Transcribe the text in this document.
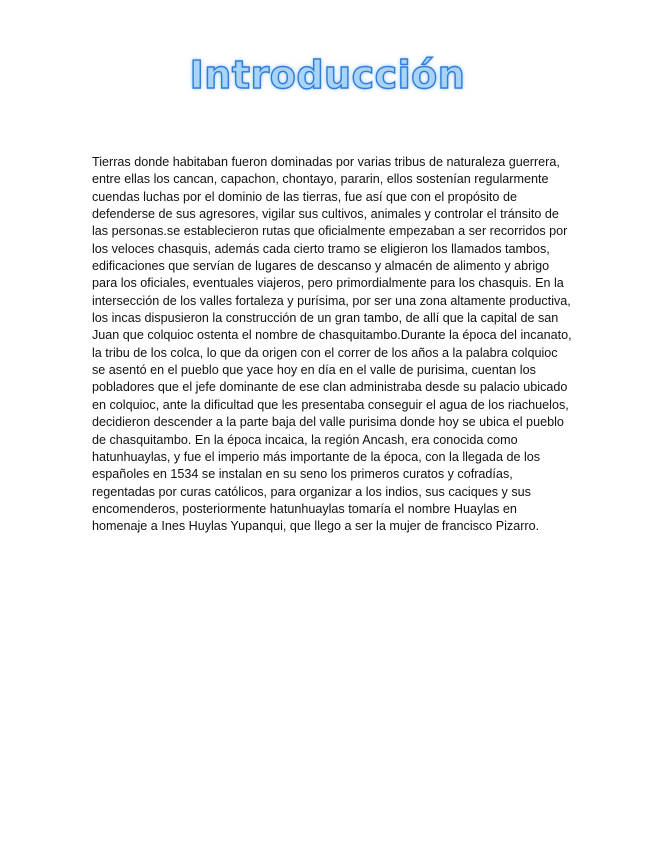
Introducción

Tierras donde habitaban fueron dominadas por varias tribus de naturaleza guerrera, entre ellas los cancan, capachon, chontayo, pararin, ellos sostenían regularmente cuendas luchas por el dominio de las tierras, fue así que con el propósito de defenderse de sus agresores, vigilar sus cultivos, animales y controlar el tránsito de las personas.se establecieron rutas que oficialmente empezaban a ser recorridos por los veloces chasquis, además cada cierto tramo se eligieron los llamados tambos, edificaciones que servían de lugares de descanso y almacén de alimento y abrigo para los oficiales, eventuales viajeros, pero primordialmente para los chasquis. En la intersección de los valles fortaleza y purísima, por ser una zona altamente productiva, los incas dispusieron la construcción de un gran tambo, de allí que la capital de san Juan que colquioc ostenta el nombre de chasquitambo.Durante la época del incanato, la tribu de los colca, lo que da origen con el correr de los años a la palabra colquioc se asentó en el pueblo que yace hoy en día en el valle de purisima, cuentan los pobladores que el jefe dominante de ese clan administraba desde su palacio ubicado en colquioc, ante la dificultad que les presentaba conseguir el agua de los riachuelos, decidieron descender a la parte baja del valle purisima donde hoy se ubica el pueblo de chasquitambo. En la época incaica, la región Ancash, era conocida como hatunhuaylas, y fue el imperio más importante de la época, con la llegada de los españoles en 1534 se instalan en su seno los primeros curatos y cofradías, regentadas por curas católicos, para organizar a los indios, sus caciques y sus encomenderos, posteriormente hatunhuaylas tomaría el nombre Huaylas en homenaje a Ines Huylas Yupanqui, que llego a ser la mujer de francisco Pizarro.
